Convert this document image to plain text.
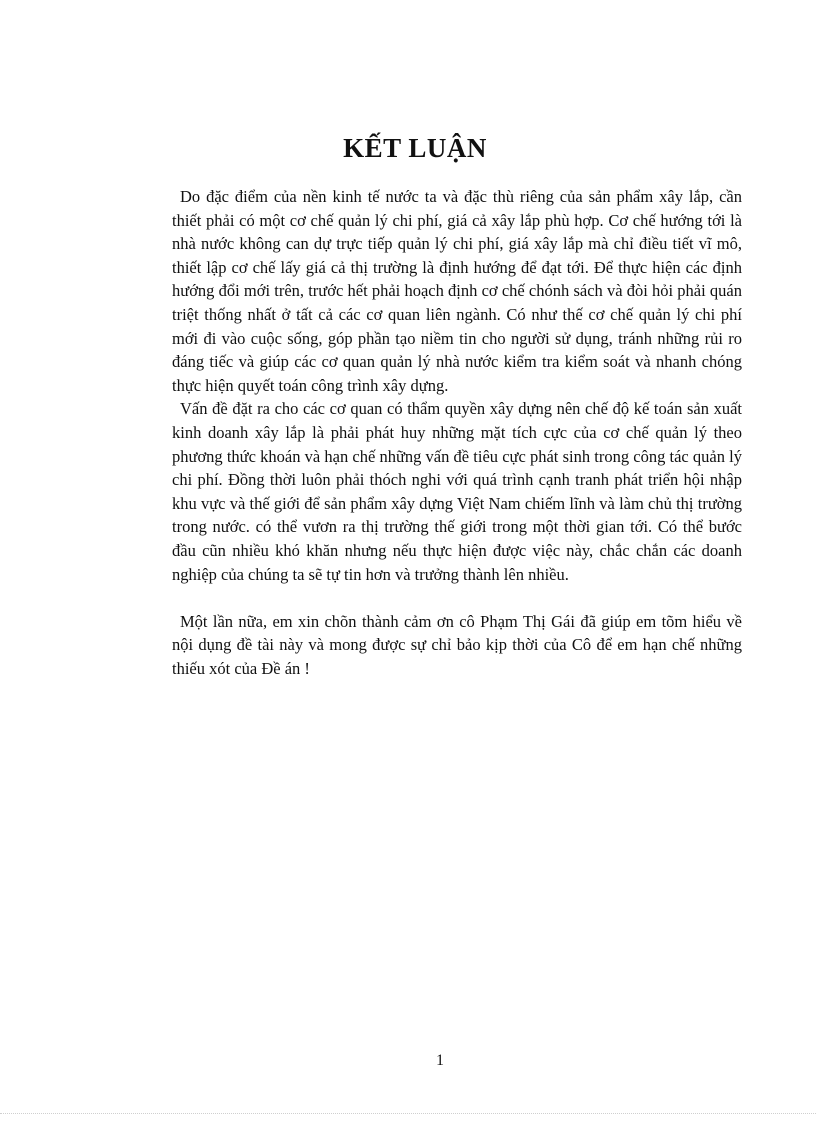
KẾT LUẬN

Do đặc điểm của nền kinh tế nước ta và đặc thù riêng của sản phẩm xây lắp, cần thiết phải có một cơ chế quản lý chi phí, giá cả xây lắp phù hợp. Cơ chế hướng tới là nhà nước không can dự trực tiếp quản lý chi phí, giá xây lắp mà chỉ điều tiết vĩ mô, thiết lập cơ chế lấy giá cả thị trường là định hướng để đạt tới. Để thực hiện các định hướng đổi mới trên, trước hết phải hoạch định cơ chế chónh sách và đòi hỏi phải quán triệt thống nhất ở tất cả các cơ quan liên ngành. Có như thế cơ chế quản lý chi phí mới đi vào cuộc sống, góp phần tạo niềm tin cho người sử dụng, tránh những rủi ro đáng tiếc và giúp các cơ quan quản lý nhà nước kiểm tra kiểm soát và nhanh chóng thực hiện quyết toán công trình xây dựng.

Vấn đề đặt ra cho các cơ quan có thẩm quyền xây dựng nên chế độ kế toán sản xuất kinh doanh xây lắp là phải phát huy những mặt tích cực của cơ chế quản lý theo phương thức khoán và hạn chế những vấn đề tiêu cực phát sinh trong công tác quản lý chi phí. Đồng thời luôn phải thóch nghi với quá trình cạnh tranh phát triển hội nhập khu vực và thế giới để sản phẩm xây dựng Việt Nam chiếm lĩnh và làm chủ thị trường trong nước. có thể vươn ra thị trường thế giới trong một thời gian tới. Có thể bước đầu cũn nhiều khó khăn nhưng nếu thực hiện được việc này, chắc chắn các doanh nghiệp của chúng ta sẽ tự tin hơn và trưởng thành lên nhiều.

Một lần nữa, em xin chõn thành cảm ơn cô Phạm Thị Gái đã giúp em tõm hiểu về nội dụng đề tài này và mong được sự chỉ bảo kịp thời của Cô để em hạn chế những thiếu xót của Đề án !

1
